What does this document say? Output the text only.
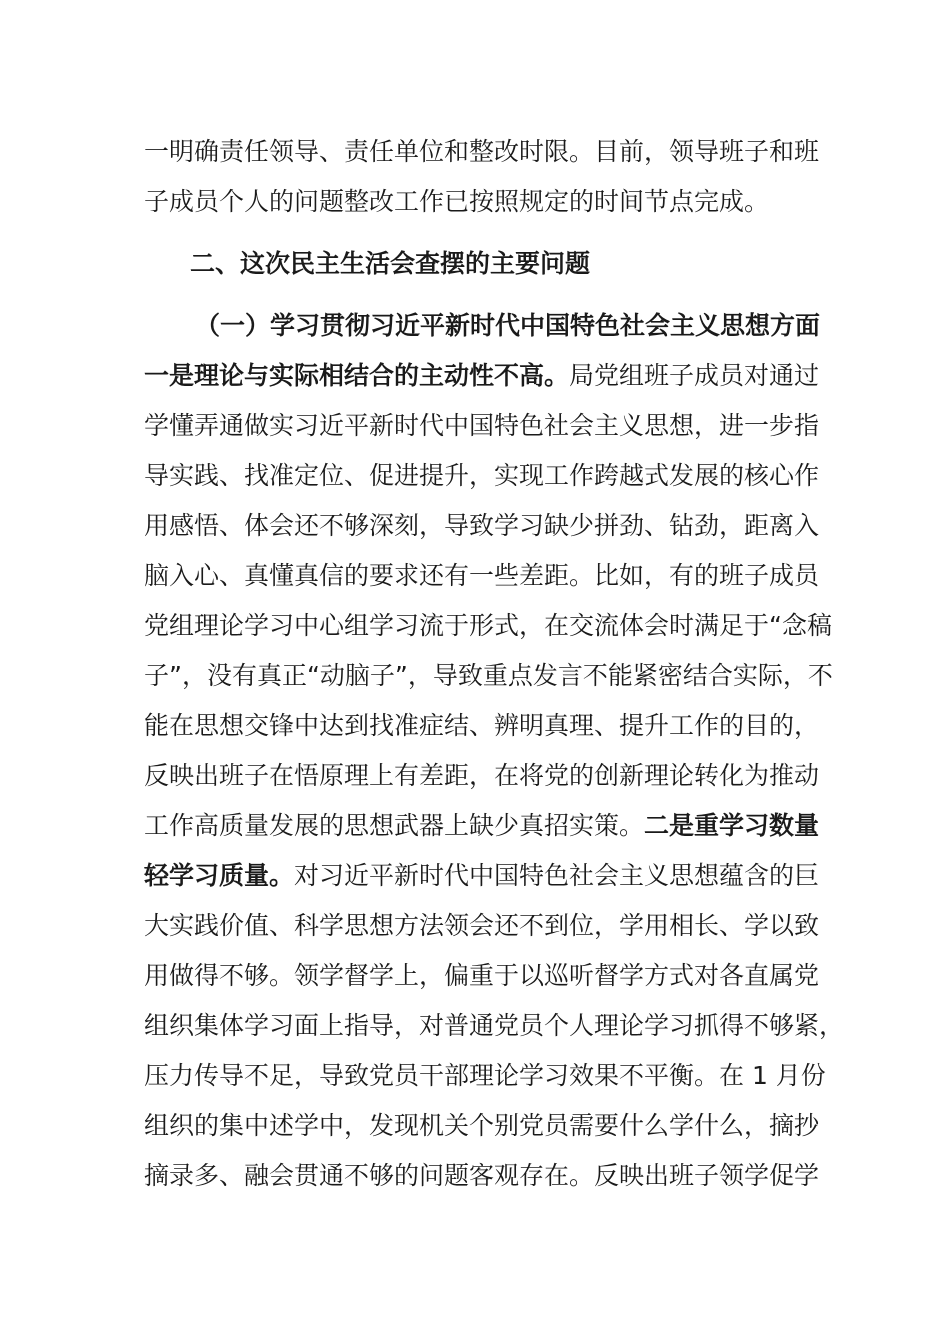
一明确责任领导、责任单位和整改时限。目前，领导班子和班
子成员个人的问题整改工作已按照规定的时间节点完成。
二、这次民主生活会查摆的主要问题
（一）学习贯彻习近平新时代中国特色社会主义思想方面
一是理论与实际相结合的主动性不高。局党组班子成员对通过
学懂弄通做实习近平新时代中国特色社会主义思想，进一步指
导实践、找准定位、促进提升，实现工作跨越式发展的核心作
用感悟、体会还不够深刻，导致学习缺少拼劲、钻劲，距离入
脑入心、真懂真信的要求还有一些差距。比如，有的班子成员
党组理论学习中心组学习流于形式，在交流体会时满足于“念稿
子”，没有真正“动脑子”，导致重点发言不能紧密结合实际，不
能在思想交锋中达到找准症结、辨明真理、提升工作的目的，
反映出班子在悟原理上有差距，在将党的创新理论转化为推动
工作高质量发展的思想武器上缺少真招实策。二是重学习数量
轻学习质量。对习近平新时代中国特色社会主义思想蕴含的巨
大实践价值、科学思想方法领会还不到位，学用相长、学以致
用做得不够。领学督学上，偏重于以巡听督学方式对各直属党
组织集体学习面上指导，对普通党员个人理论学习抓得不够紧，
压力传导不足，导致党员干部理论学习效果不平衡。在 1 月份
组织的集中述学中，发现机关个别党员需要什么学什么，摘抄
摘录多、融会贯通不够的问题客观存在。反映出班子领学促学
